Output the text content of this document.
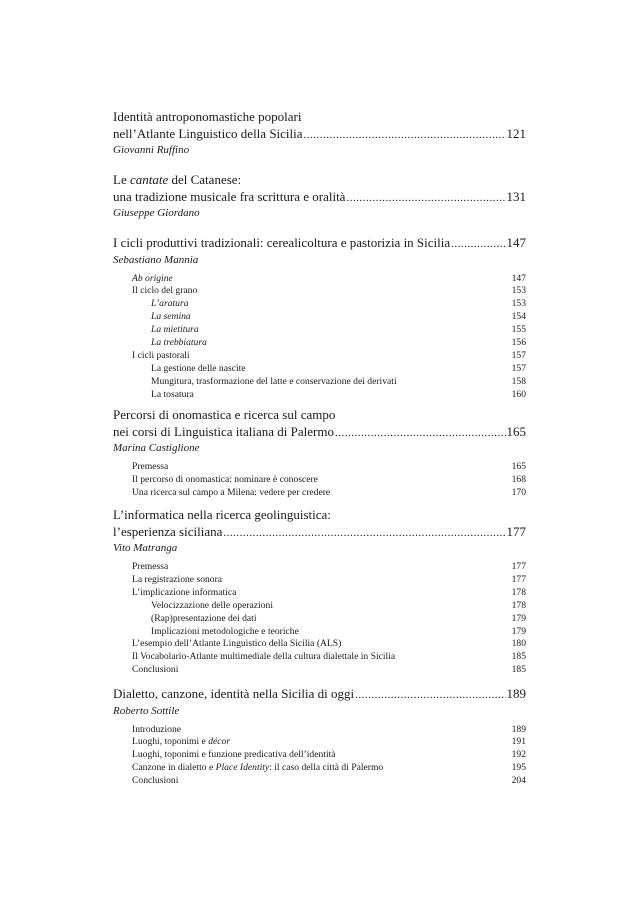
Identità antroponomastiche popolari
nell’Atlante Linguistico della Sicilia .....	121
Giovanni Ruffino
Le cantate del Catanese:
una tradizione musicale fra scrittura e oralità .....	131
Giuseppe Giordano
I cicli produttivi tradizionali: cerealicoltura e pastorizia in Sicilia .....	147
Sebastiano Mannia
Ab origine	147
Il ciclo del grano	153
L’aratura	153
La semina	154
La mietitura	155
La trebbiatura	156
I cicli pastorali	157
La gestione delle nascite	157
Mungitura, trasformazione del latte e conservazione dei derivati	158
La tosatura	160
Percorsi di onomastica e ricerca sul campo
nei corsi di Linguistica italiana di Palermo .....	165
Marina Castiglione
Premessa	165
Il percorso di onomastica: nominare è conoscere	168
Una ricerca sul campo a Milena: vedere per credere	170
L’informatica nella ricerca geolinguistica:
l’esperienza siciliana .....	177
Vito Matranga
Premessa	177
La registrazione sonora	177
L’implicazione informatica	178
Velocizzazione delle operazioni	178
(Rap)presentazione dei dati	179
Implicazioni metodologiche e teoriche	179
L’esempio dell’Atlante Linguistico della Sicilia (ALS)	180
Il Vocabolario-Atlante multimediale della cultura dialettale in Sicilia	185
Conclusioni	185
Dialetto, canzone, identità nella Sicilia di oggi .....	189
Roberto Sottile
Introduzione	189
Luoghi, toponimi e décor	191
Luoghi, toponimi e funzione predicativa dell’identità	192
Canzone in dialetto e Place Identity: il caso della città di Palermo	195
Conclusioni	204
